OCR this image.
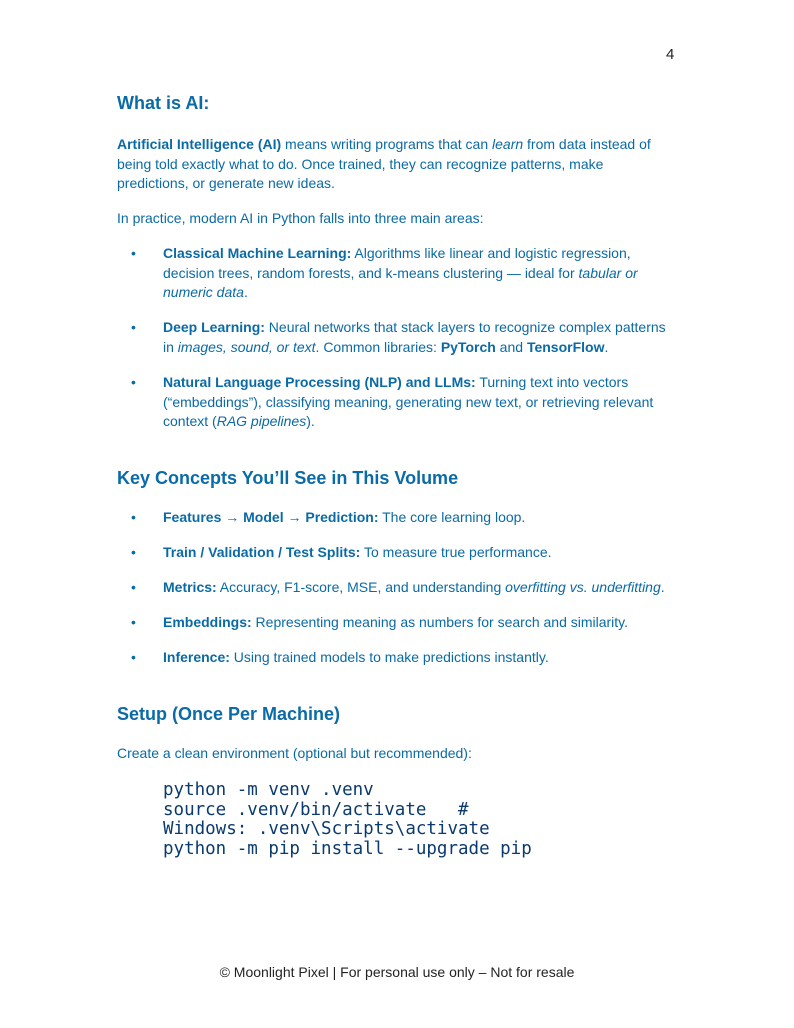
4
What is AI:

Artificial Intelligence (AI) means writing programs that can learn from data instead of being told exactly what to do. Once trained, they can recognize patterns, make predictions, or generate new ideas.

In practice, modern AI in Python falls into three main areas:

• Classical Machine Learning: Algorithms like linear and logistic regression, decision trees, random forests, and k-means clustering — ideal for tabular or numeric data.
• Deep Learning: Neural networks that stack layers to recognize complex patterns in images, sound, or text. Common libraries: PyTorch and TensorFlow.
• Natural Language Processing (NLP) and LLMs: Turning text into vectors (“embeddings”), classifying meaning, generating new text, or retrieving relevant context (RAG pipelines).
Key Concepts You’ll See in This Volume
• Features → Model → Prediction: The core learning loop.
• Train / Validation / Test Splits: To measure true performance.
• Metrics: Accuracy, F1-score, MSE, and understanding overfitting vs. underfitting.
• Embeddings: Representing meaning as numbers for search and similarity.
• Inference: Using trained models to make predictions instantly.
Setup (Once Per Machine)

Create a clean environment (optional but recommended):

python -m venv .venv
source .venv/bin/activate   #
Windows: .venv\Scripts\activate
python -m pip install --upgrade pip
© Moonlight Pixel | For personal use only – Not for resale
